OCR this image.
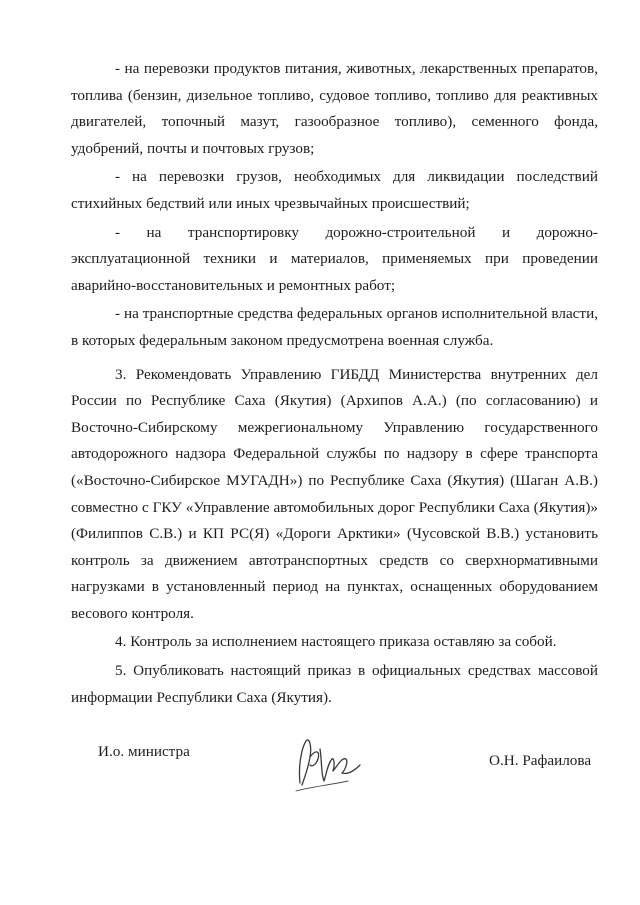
- на перевозки продуктов питания, животных, лекарственных препаратов, топлива (бензин, дизельное топливо, судовое топливо, топливо для реактивных двигателей, топочный мазут, газообразное топливо), семенного фонда, удобрений, почты и почтовых грузов;

- на перевозки грузов, необходимых для ликвидации последствий стихийных бедствий или иных чрезвычайных происшествий;

- на транспортировку дорожно-строительной и дорожно-эксплуатационной техники и материалов, применяемых при проведении аварийно-восстановительных и ремонтных работ;

- на транспортные средства федеральных органов исполнительной власти, в которых федеральным законом предусмотрена военная служба.

3. Рекомендовать Управлению ГИБДД Министерства внутренних дел России по Республике Саха (Якутия) (Архипов А.А.) (по согласованию) и Восточно-Сибирскому межрегиональному Управлению государственного автодорожного надзора Федеральной службы по надзору в сфере транспорта («Восточно-Сибирское МУГАДН») по Республике Саха (Якутия) (Шаган А.В.) совместно с ГКУ «Управление автомобильных дорог Республики Саха (Якутия)» (Филиппов С.В.) и КП РС(Я) «Дороги Арктики» (Чусовской В.В.) установить контроль за движением автотранспортных средств со сверхнормативными нагрузками в установленный период на пунктах, оснащенных оборудованием весового контроля.

4. Контроль за исполнением настоящего приказа оставляю за собой.

5. Опубликовать настоящий приказ в официальных средствах массовой информации Республики Саха (Якутия).

И.о. министра
О.Н. Рафаилова
